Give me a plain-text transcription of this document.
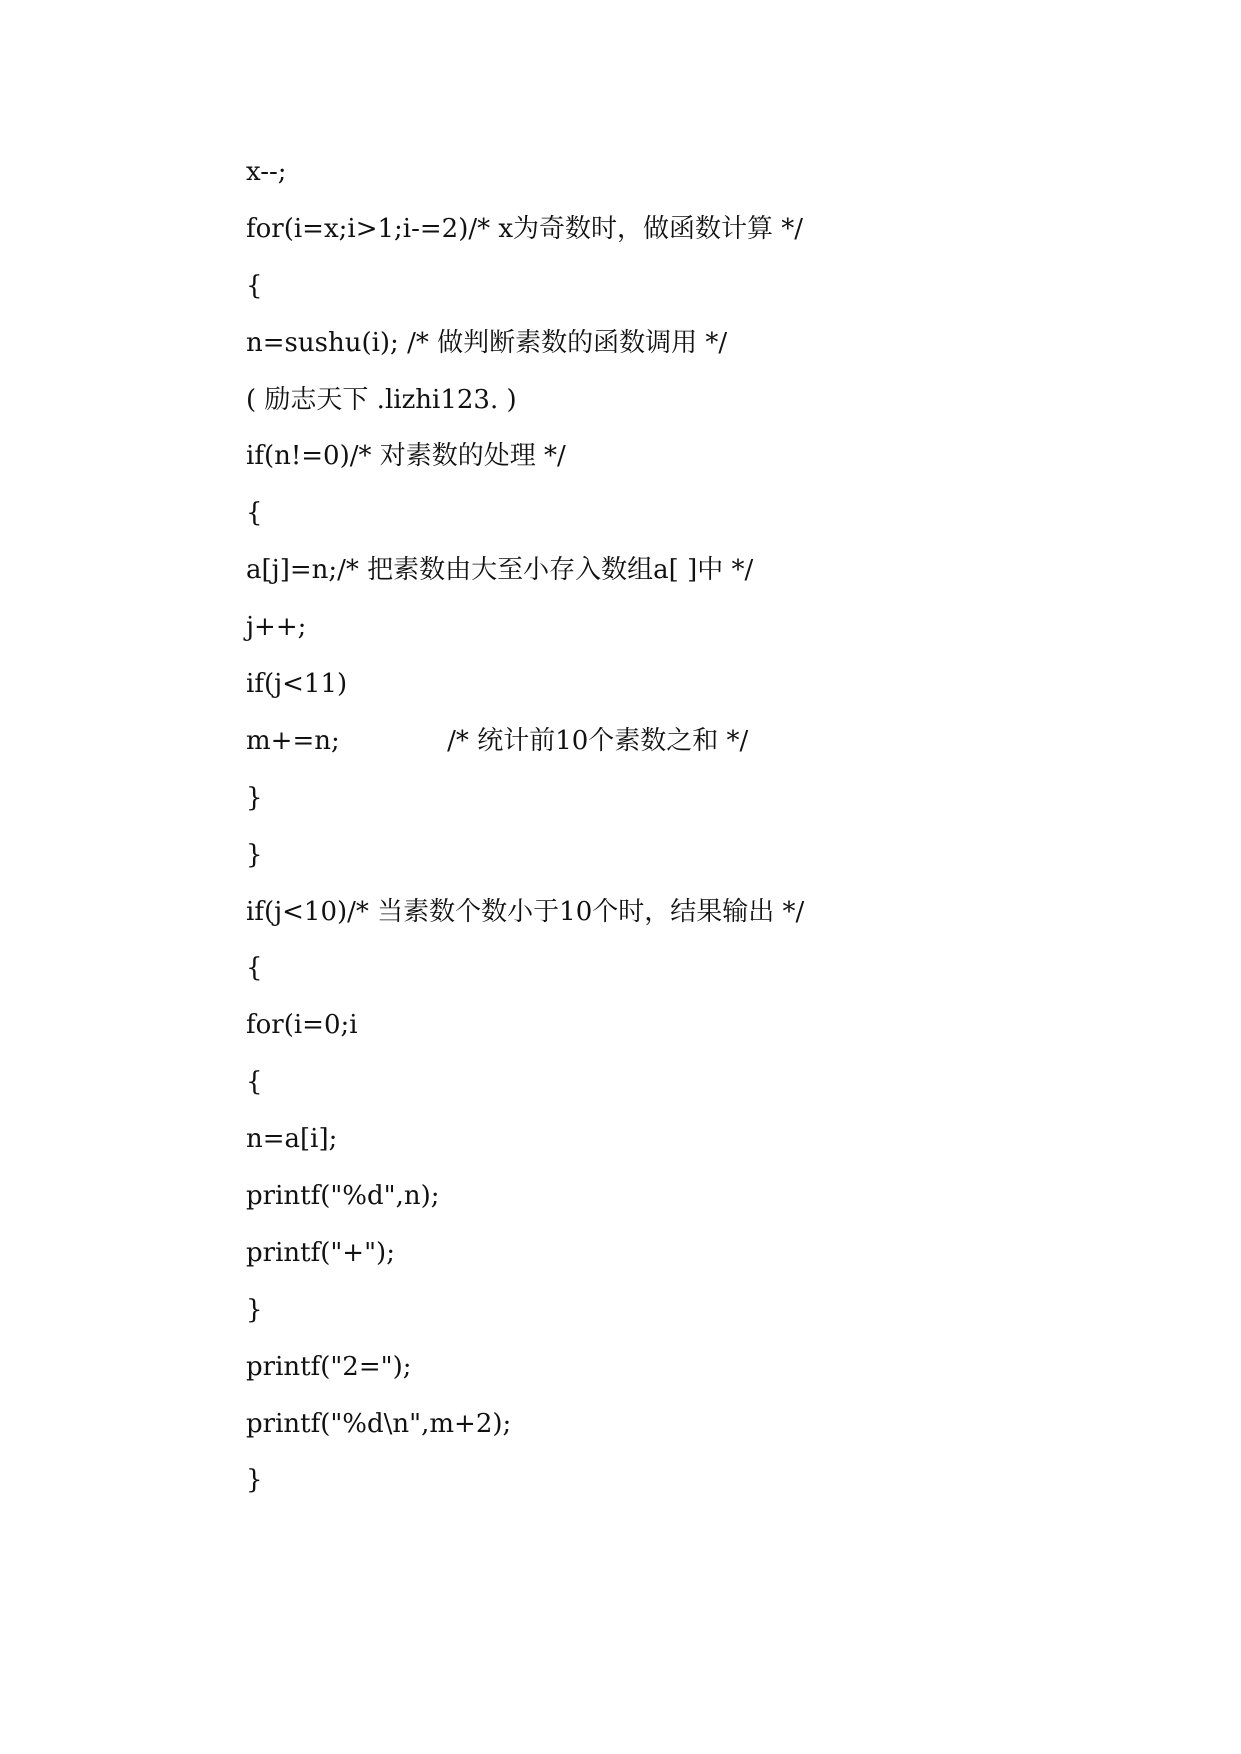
x--;
for(i=x;i>1;i-=2)/* x为奇数时，做函数计算 */
{
n=sushu(i); /* 做判断素数的函数调用 */
( 励志天下 .lizhi123. )
if(n!=0)/* 对素数的处理 */
{
a[j]=n;/* 把素数由大至小存入数组a[ ]中 */
j++;
if(j<11)
m+=n;             /* 统计前10个素数之和 */
}
}
if(j<10)/* 当素数个数小于10个时，结果输出 */
{
for(i=0;i
{
n=a[i];
printf("%d",n);
printf("+");
}
printf("2=");
printf("%d\n",m+2);
}
